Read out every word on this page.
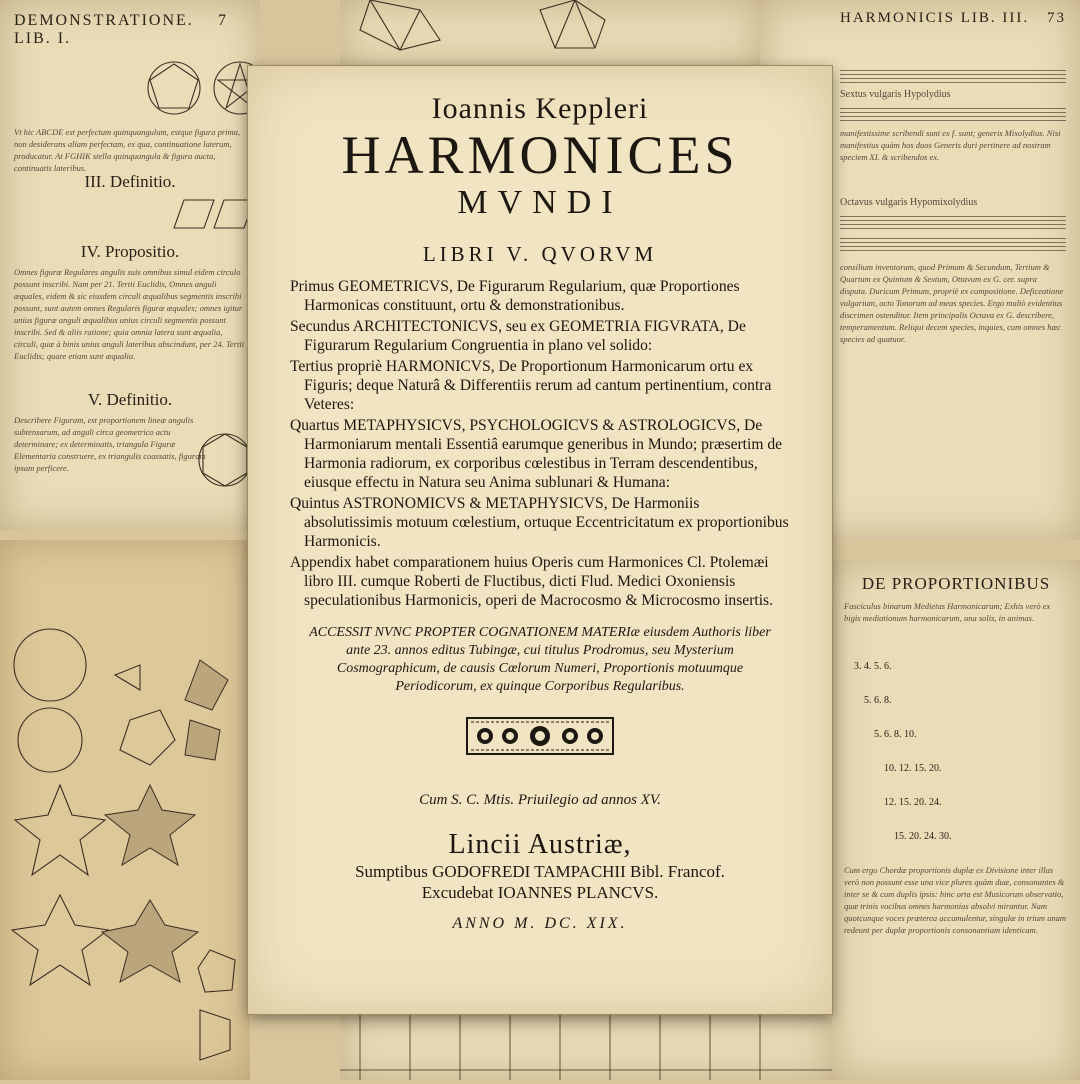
DEMONSTRATIONE. LIB. I.
7
Vt hic ABCDE est perfectum quinquangulum, estque figura prima, non desiderans aliam perfectam, ex qua, continuatione laterum, producatur. At FGHIK stella quinquangula & figura aucta, continuatis lateribus.
III. Definitio.
IV. Propositio.
Omnes figuræ Regulares angulis suis omnibus simul eidem circulo possunt inscribi. Nam per 21. Tertii Euclidis, Omnes anguli æquales, eidem & sic eiusdem circuli æqualibus segmentis inscribi possunt, sunt autem omnes Regularis figuræ æquales; omnes igitur unius figuræ anguli æqualibus unius circuli segmentis possunt inscribi. Sed & aliis ratione; quia omnia latera sunt æqualia, circuli, quæ à binis unius anguli lateribus abscindunt, per 24. Tertii Euclidis; quare etiam sunt æqualia.
V. Definitio.
Describere Figuram, est proportionem lineæ angulis subtensarum, ad anguli circa geometrico actu determinare; ex determinatis, triangula Figuræ Elementaria construere, ex triangulis coassatis, figuram ipsam perficere.
HARMONICIS LIB. III. 73
Sextus vulgaris Hypolydius
manifestissime scribendi sunt ex f. sunt; generis Mixolydius. Nisi manifestius quàm hos duos Generis duri pertinere ad nostram speciem XI. & scribendos ex.
Octavus vulgaris Hypomixolydius
consilium inventoram, quod Primum & Secundum, Tertium & Quartum ex Quintum & Sextum, Ottavum ex G. cer. supra disputa. Duricum Primum, propriè ex compositione. Deficeatione vulgarium, octo Tonorum ad meas species. Ergo multò evidentius discrimen ostenditur. Item principalis Octava ex G. describere, temperamentum. Reliqui decem species, inquies, cum omnes hæc species ad quatuor.
DE PROPORTIONIBUS
Fasciculus binarum Medietas Harmonicarum; Exhis verò ex bigis mediationum harmonicarum, una solis, in animas.
3. 4. 5. 6.
5. 6. 8.
5. 6. 8. 10.
10. 12. 15. 20.
12. 15. 20. 24.
15. 20. 24. 30.
Cum ergo Chordæ proportionis duplæ ex Divisione inter illas verò non possunt esse una vice plures quàm duæ, consonantes & inter se & cum duplis ipsis: hinc orta est Musicorum observatio, quæ trinis vocibus omnes harmonias absolvi mirantur. Nam quotcunque voces præterea accumulentur, singulæ in trium unam redeunt per duplæ proportionis consonantiam identicam.
Ioannis Keppleri
HARMONICES
MVNDI
LIBRI V. QVORVM
Primus GEOMETRICVS, De Figurarum Regularium, quæ Proportiones Harmonicas constituunt, ortu & demonstrationibus.
Secundus ARCHITECTONICVS, seu ex GEOMETRIA FIGVRATA, De Figurarum Regularium Congruentia in plano vel solido:
Tertius propriè HARMONICVS, De Proportionum Harmonicarum ortu ex Figuris; deque Naturâ & Differentiis rerum ad cantum pertinentium, contra Veteres:
Quartus METAPHYSICVS, PSYCHOLOGICVS & ASTROLOGICVS, De Harmoniarum mentali Essentiâ earumque generibus in Mundo; præsertim de Harmonia radiorum, ex corporibus cœlestibus in Terram descendentibus, eiusque effectu in Natura seu Anima sublunari & Humana:
Quintus ASTRONOMICVS & METAPHYSICVS, De Harmoniis absolutissimis motuum cœlestium, ortuque Eccentricitatum ex proportionibus Harmonicis.
Appendix habet comparationem huius Operis cum Harmonices Cl. Ptolemæi libro III. cumque Roberti de Fluctibus, dicti Flud. Medici Oxoniensis speculationibus Harmonicis, operi de Macrocosmo & Microcosmo insertis.
ACCESSIT NVNC PROPTER COGNATIONEM MATERIæ eiusdem Authoris liber ante 23. annos editus Tubingæ, cui titulus Prodromus, seu Mysterium Cosmographicum, de causis Cœlorum Numeri, Proportionis motuumque Periodicorum, ex quinque Corporibus Regularibus.
Cum S. C. Mtis. Priuilegio ad annos XV.
Lincii Austriæ,
Sumptibus GODOFREDI TAMPACHII Bibl. Francof.
Excudebat IOANNES PLANCVS.
ANNO M. DC. XIX.
